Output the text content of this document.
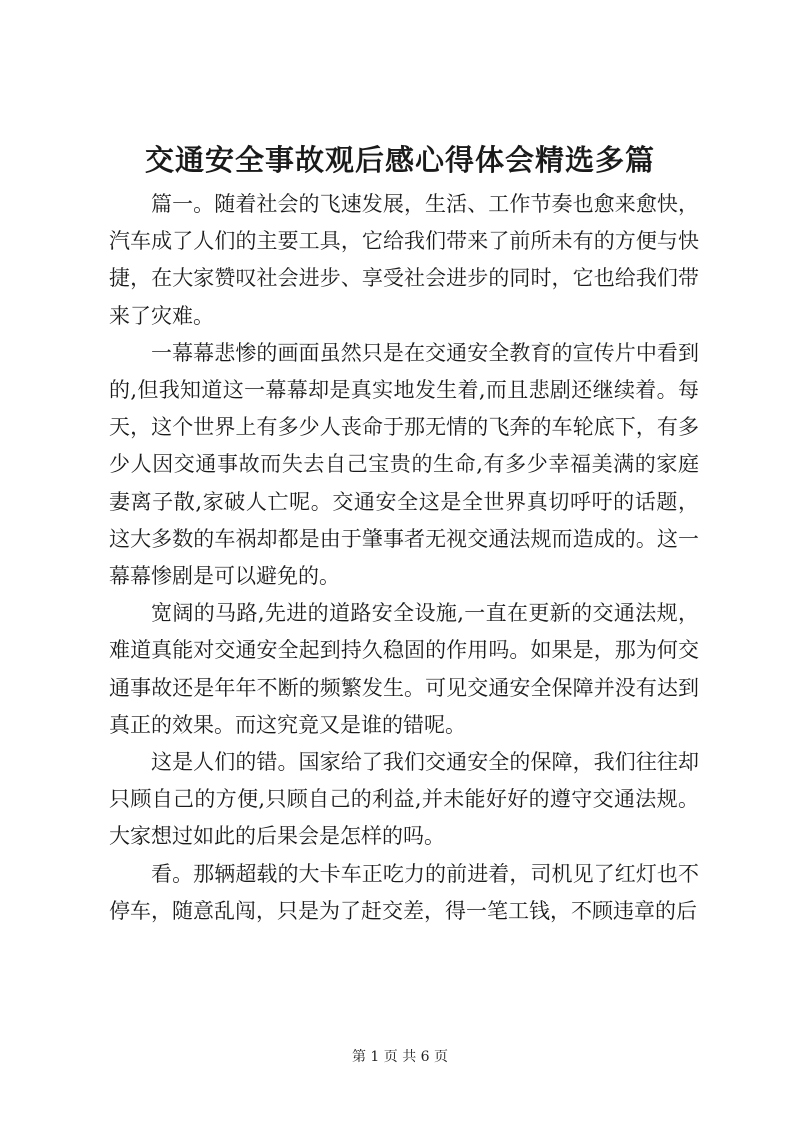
交通安全事故观后感心得体会精选多篇

篇一。随着社会的飞速发展，生活、工作节奏也愈来愈快，汽车成了人们的主要工具，它给我们带来了前所未有的方便与快捷，在大家赞叹社会进步、享受社会进步的同时，它也给我们带来了灾难。

一幕幕悲惨的画面虽然只是在交通安全教育的宣传片中看到的,但我知道这一幕幕却是真实地发生着,而且悲剧还继续着。每天，这个世界上有多少人丧命于那无情的飞奔的车轮底下，有多少人因交通事故而失去自己宝贵的生命,有多少幸福美满的家庭妻离子散,家破人亡呢。交通安全这是全世界真切呼吁的话题，这大多数的车祸却都是由于肇事者无视交通法规而造成的。这一幕幕惨剧是可以避免的。

宽阔的马路,先进的道路安全设施,一直在更新的交通法规，难道真能对交通安全起到持久稳固的作用吗。如果是，那为何交通事故还是年年不断的频繁发生。可见交通安全保障并没有达到真正的效果。而这究竟又是谁的错呢。

这是人们的错。国家给了我们交通安全的保障，我们往往却只顾自己的方便,只顾自己的利益,并未能好好的遵守交通法规。大家想过如此的后果会是怎样的吗。

看。那辆超载的大卡车正吃力的前进着，司机见了红灯也不停车，随意乱闯，只是为了赶交差，得一笔工钱，不顾违章的后

第 1 页 共 6 页
